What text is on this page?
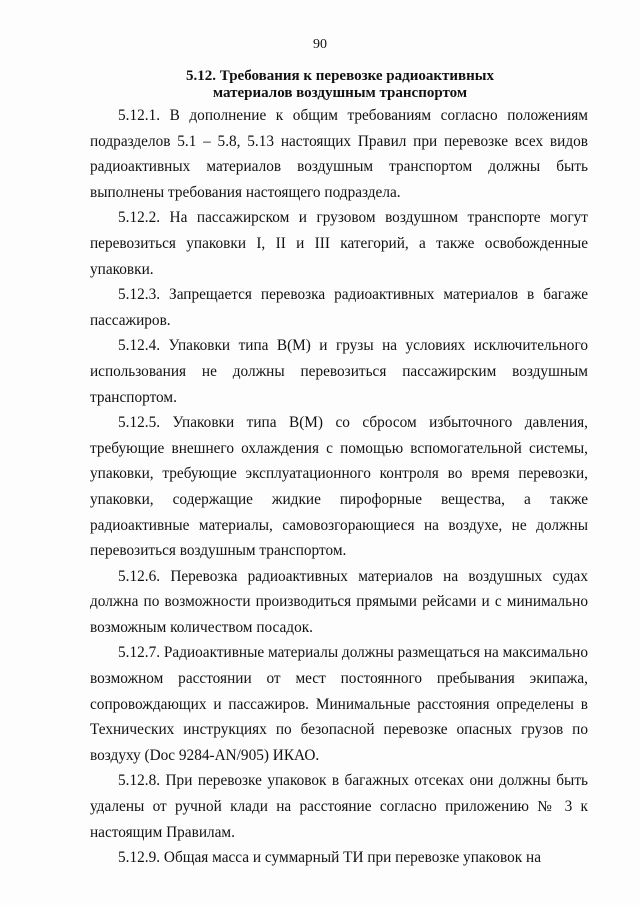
90
5.12. Требования к перевозке радиоактивных
материалов воздушным транспортом

5.12.1. В дополнение к общим требованиям согласно положениям подразделов 5.1 – 5.8, 5.13 настоящих Правил при перевозке всех видов радиоактивных материалов воздушным транспортом должны быть выполнены требования настоящего подраздела.

5.12.2. На пассажирском и грузовом воздушном транспорте могут перевозиться упаковки I, II и III категорий, а также освобожденные упаковки.

5.12.3. Запрещается перевозка радиоактивных материалов в багаже пассажиров.

5.12.4. Упаковки типа В(М) и грузы на условиях исключительного использования не должны перевозиться пассажирским воздушным транспортом.

5.12.5. Упаковки типа В(М) со сбросом избыточного давления, требующие внешнего охлаждения с помощью вспомогательной системы, упаковки, требующие эксплуатационного контроля во время перевозки, упаковки, содержащие жидкие пирофорные вещества, а также радиоактивные материалы, самовозгорающиеся на воздухе, не должны перевозиться воздушным транспортом.

5.12.6. Перевозка радиоактивных материалов на воздушных судах должна по возможности производиться прямыми рейсами и с минимально возможным количеством посадок.

5.12.7. Радиоактивные материалы должны размещаться на максимально возможном расстоянии от мест постоянного пребывания экипажа, сопровождающих и пассажиров. Минимальные расстояния определены в Технических инструкциях по безопасной перевозке опасных грузов по воздуху (Doc 9284-AN/905) ИКАО.

5.12.8. При перевозке упаковок в багажных отсеках они должны быть удалены от ручной клади на расстояние согласно приложению № 3 к настоящим Правилам.

5.12.9. Общая масса и суммарный ТИ при перевозке упаковок на
